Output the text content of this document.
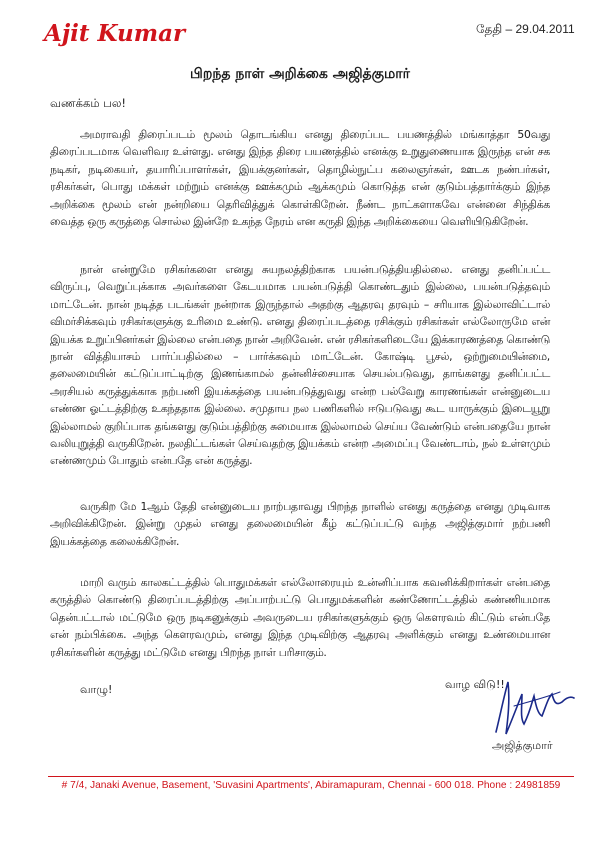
Ajit Kumar	தேதி – 29.04.2011
பிறந்த நாள் அறிக்கை அஜித்குமார்
வணக்கம் பல!
அமராவதி திரைப்படம் மூலம் தொடங்கிய எனது திரைப்பட பயணத்தில் மங்காத்தா 50வது திரைப்படமாக வெளிவர உள்ளது. எனது இந்த திரை பயணத்தில் எனக்கு உறுதுணையாக இருந்த என் சக நடிகர், நடிகையர், தயாரிப்பாளர்கள், இயக்குனர்கள், தொழில்நுட்ப கலைஞர்கள், ஊடக நண்பர்கள், ரசிகர்கள், பொது மக்கள் மற்றும் எனக்கு ஊக்கமும் ஆக்கமும் கொடுத்த என் குடும்பத்தார்க்கும் இந்த அறிக்கை மூலம் என் நன்றியை தெரிவித்துக் கொள்கிறேன். நீண்ட நாட்களாகவே என்னை சிந்திக்க வைத்த ஒரு கருத்தை சொல்ல இன்றே உகந்த நேரம் என கருதி இந்த அறிக்கையை வெளியிடுகிறேன்.
நான் என்றுமே ரசிகர்களை எனது சுயநலத்திற்காக பயன்படுத்தியதில்லை. எனது தனிப்பட்ட விருப்பு, வெறுப்புக்காக அவர்களை கேடயமாக பயன்படுத்தி கொண்டதும் இல்லை, பயன்படுத்தவும் மாட்டேன். நான் நடித்த படங்கள் நன்றாக இருந்தால் அதற்கு ஆதரவு தரவும் – சரியாக இல்லாவிட்டால் விமர்சிக்கவும் ரசிகர்களுக்கு உரிமை உண்டு. எனது திரைப்படத்தை ரசிக்கும் ரசிகர்கள் எல்லோருமே என் இயக்க உறுப்பினர்கள் இல்லை என்பதை நான் அறிவேன். என் ரசிகர்களிடையே இக்காரணத்தை கொண்டு நான் வித்தியாசம் பார்ப்பதில்லை – பார்க்கவும் மாட்டேன். கோஷ்டி பூசல், ஒற்றுமையின்மை, தலைமையின் கட்டுப்பாட்டிற்கு இணங்காமல் தன்னிச்சையாக செயல்படுவது, தாங்களது தனிப்பட்ட அரசியல் கருத்துக்காக நற்பணி இயக்கத்தை பயன்படுத்துவது என்ற பல்வேறு காரணங்கள் என்னுடைய எண்ண ஓட்டத்திற்கு உகந்ததாக இல்லை. சமுதாய நல பணிகளில் ஈடுபடுவது கூட யாருக்கும் இடையூறு இல்லாமல் குறிப்பாக தங்களது குடும்பத்திற்கு சுமையாக இல்லாமல் செய்ய வேண்டும் என்பதையே நான் வலியுறுத்தி வருகிறேன். நலதிட்டங்கள் செய்வதற்கு இயக்கம் என்ற அமைப்பு வேண்டாம், நல் உள்ளமும் எண்ணமும் போதும் என்பதே என் கருத்து.
வருகிற மே 1ஆம் தேதி என்னுடைய நாற்பதாவது பிறந்த நாளில் எனது கருத்தை எனது முடிவாக அறிவிக்கிறேன். இன்று முதல் எனது தலைமையின் கீழ் கட்டுப்பட்டு வந்த அஜித்குமார் நற்பணி இயக்கத்தை கலைக்கிறேன்.
மாறி வரும் காலகட்டத்தில் பொதுமக்கள் எல்லோரையும் உன்னிப்பாக கவனிக்கிறார்கள் என்பதை கருத்தில் கொண்டு திரைப்படத்திற்கு அப்பாற்பட்டு பொதுமக்களின் கண்ணோட்டத்தில் கண்ணியமாக தென்பட்டால் மட்டுமே ஒரு நடிகனுக்கும் அவருடைய ரசிகர்களுக்கும் ஒரு கௌரவம் கிட்டும் என்பதே என் நம்பிக்கை. அந்த கௌரவமும், எனது இந்த முடிவிற்கு ஆதரவு அளிக்கும் எனது உண்மையான ரசிகர்களின் கருத்து மட்டுமே எனது பிறந்த நாள் பரிசாகும்.
வாழு!	வாழ விடு!!
அஜித்குமார்
# 7/4, Janaki Avenue, Basement, 'Suvasini Apartments', Abiramapuram, Chennai - 600 018. Phone : 24981859
